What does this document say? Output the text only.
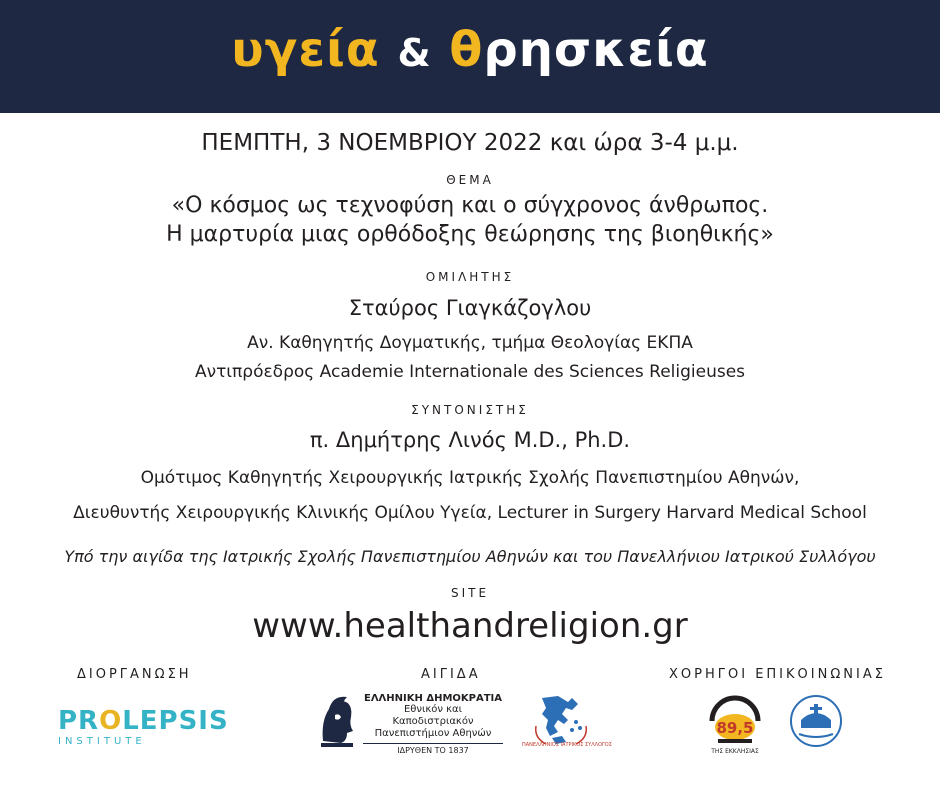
υγεία & θρησκεία
ΠΕΜΠΤΗ, 3 ΝΟΕΜΒΡΙΟΥ 2022 και ώρα 3-4 μ.μ.
ΘΕΜΑ
«Ο κόσμος ως τεχνοφύση και ο σύγχρονος άνθρωπος.
Η μαρτυρία μιας ορθόδοξης θεώρησης της βιοηθικής»
ΟΜΙΛΗΤΗΣ
Σταύρος Γιαγκάζογλου
Αν. Καθηγητής Δογματικής, τμήμα Θεολογίας ΕΚΠΑ
Αντιπρόεδρος Academie Internationale des Sciences Religieuses
ΣΥΝΤΟΝΙΣΤΗΣ
π. Δημήτρης Λινός M.D., Ph.D.
Ομότιμος Καθηγητής Χειρουργικής Ιατρικής Σχολής Πανεπιστημίου Αθηνών,
Διευθυντής Χειρουργικής Κλινικής Ομίλου Υγεία, Lecturer in Surgery Harvard Medical School
Υπό την αιγίδα της Ιατρικής Σχολής Πανεπιστημίου Αθηνών και του Πανελλήνιου Ιατρικού Συλλόγου
SITE
www.healthandreligion.gr
ΔΙΟΡΓΑΝΩΣΗ	ΑΙΓΙΔΑ	ΧΟΡΗΓΟΙ ΕΠΙΚΟΙΝΩΝΙΑΣ
PROLEPSIS
INSTITUTE
ΕΛΛΗΝΙΚΗ ΔΗΜΟΚΡΑΤΙΑ
Εθνικόν και Καποδιστριακόν
Πανεπιστήμιον Αθηνών
ΙΔΡΥΘΕΝ ΤΟ 1837
ΠΑΝΕΛΛΗΝΙΟΣ ΙΑΤΡΙΚΟΣ ΣΥΛΛΟΓΟΣ
89,5
ΤΗΣ ΕΚΚΛΗΣΙΑΣ
